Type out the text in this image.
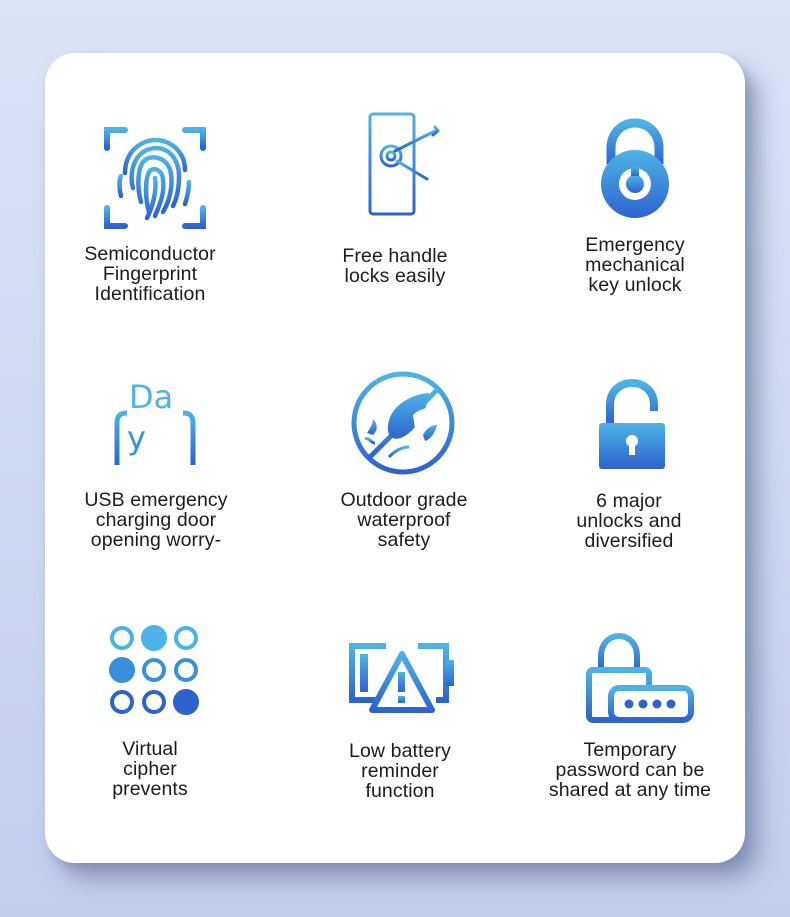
Semiconductor
Fingerprint
Identification
Free handle
locks easily
Emergency
mechanical
key unlock
Da
y
USB emergency
charging door
opening worry-
Outdoor grade
waterproof
safety
6 major
unlocks and
diversified
Virtual
cipher
prevents
Low battery
reminder
function
Temporary
password can be
shared at any time
